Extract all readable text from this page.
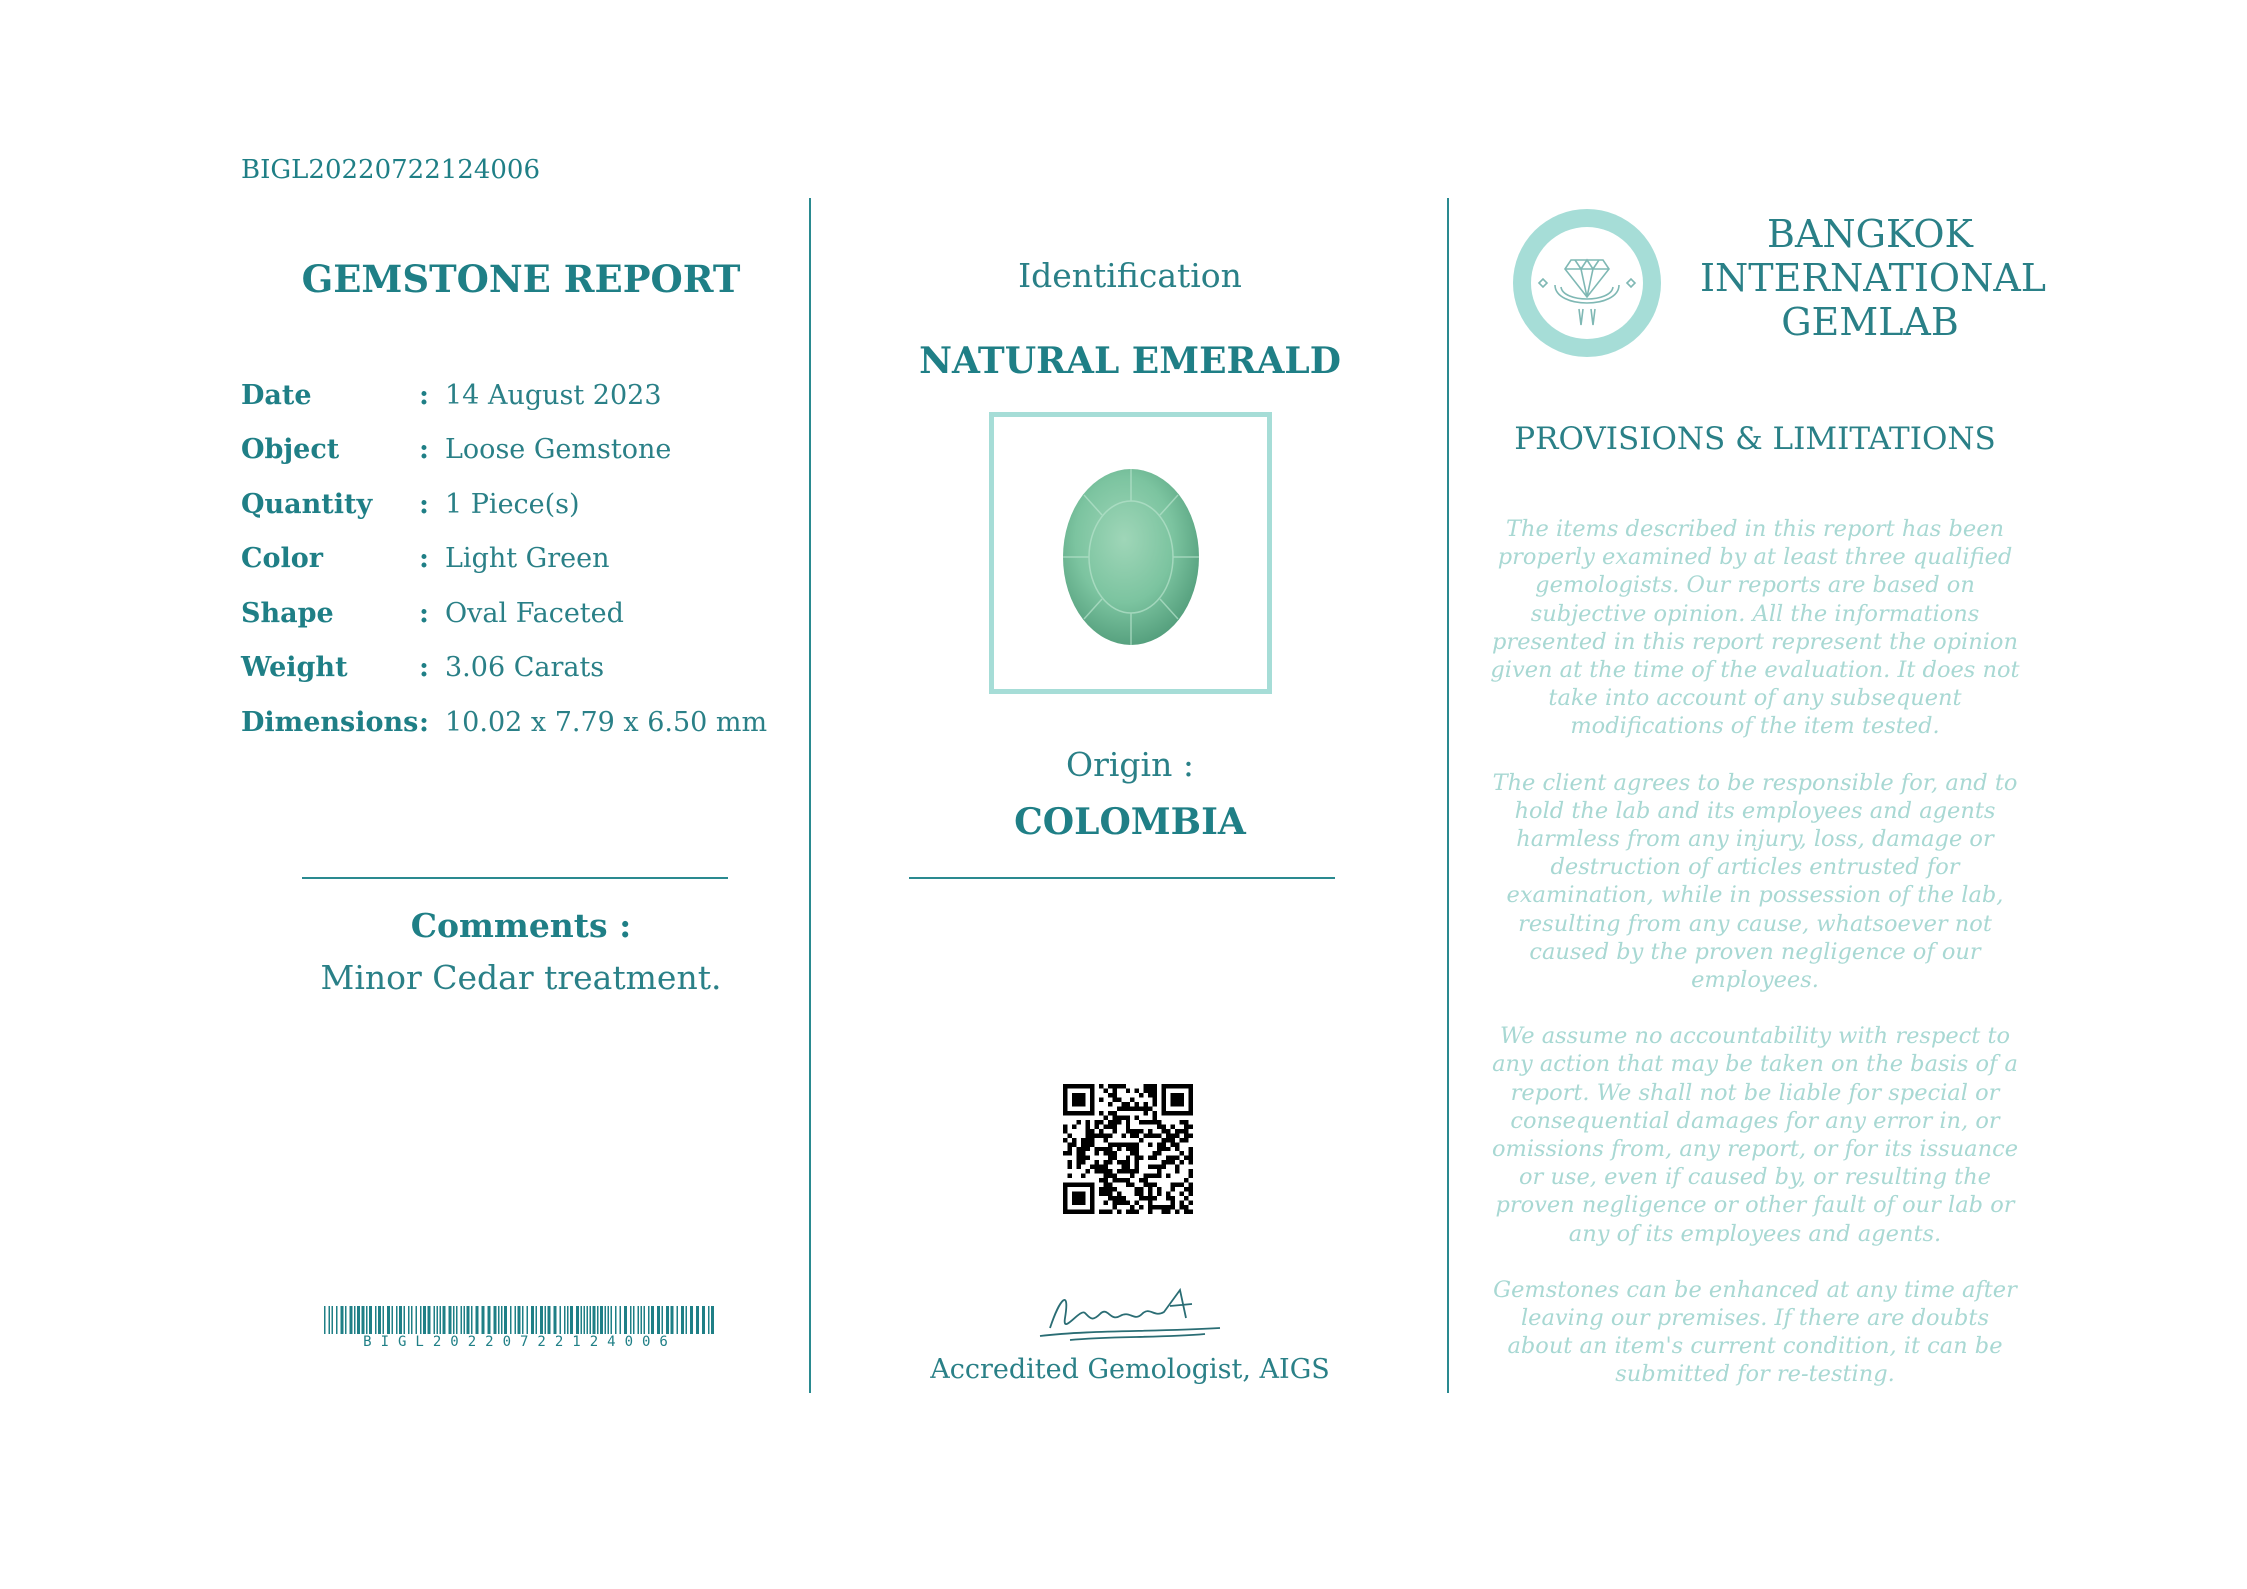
BIGL20220722124006
GEMSTONE REPORT
Date	: 14 August 2023
Object	: Loose Gemstone
Quantity	: 1 Piece(s)
Color	: Light Green
Shape	: Oval Faceted
Weight	: 3.06 Carats
Dimensions : 10.02 x 7.79 x 6.50 mm
Comments :
Minor Cedar treatment.
BIGL20220722124006
Identification
NATURAL EMERALD
Origin :
COLOMBIA
Accredited Gemologist, AIGS
BANGKOK
INTERNATIONAL
GEMLAB
PROVISIONS & LIMITATIONS

The items described in this report has been properly examined by at least three qualified gemologists. Our reports are based on subjective opinion. All the informations presented in this report represent the opinion given at the time of the evaluation. It does not take into account of any subsequent modifications of the item tested.

The client agrees to be responsible for, and to hold the lab and its employees and agents harmless from any injury, loss, damage or destruction of articles entrusted for examination, while in possession of the lab, resulting from any cause, whatsoever not caused by the proven negligence of our employees.

We assume no accountability with respect to any action that may be taken on the basis of a report. We shall not be liable for special or consequential damages for any error in, or omissions from, any report, or for its issuance or use, even if caused by, or resulting the proven negligence or other fault of our lab or any of its employees and agents.

Gemstones can be enhanced at any time after leaving our premises. If there are doubts about an item's current condition, it can be submitted for re-testing.
